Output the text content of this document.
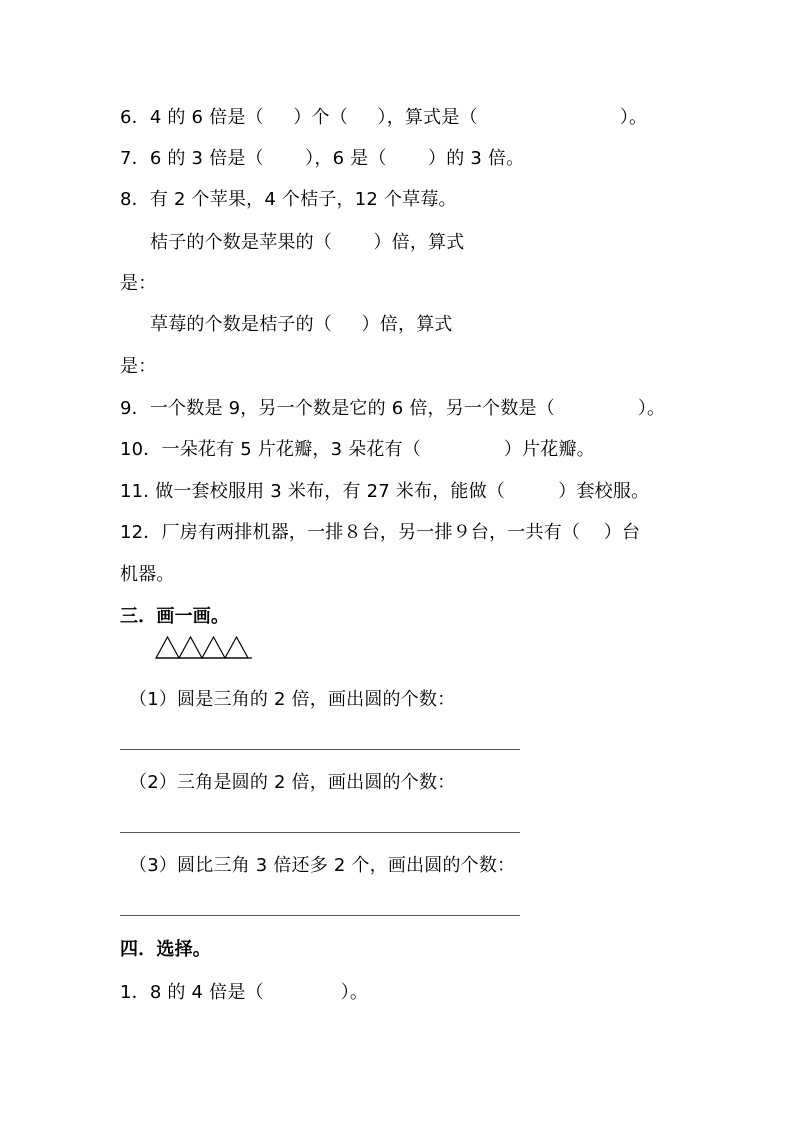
6．4 的 6 倍是（     ）个（     ），算式是（                        ）。
7．6 的 3 倍是（       ），6 是（       ）的 3 倍。
8．有 2 个苹果，4 个桔子，12 个草莓。
桔子的个数是苹果的（       ）倍，算式
是：
草莓的个数是桔子的（     ）倍，算式
是：
9．一个数是 9，另一个数是它的 6 倍，另一个数是（              ）。
10．一朵花有 5 片花瓣，3 朵花有（              ）片花瓣。
11. 做一套校服用 3 米布，有 27 米布，能做（         ）套校服。
12．厂房有两排机器，一排８台，另一排９台，一共有（    ）台
机器。
三．画一画。
（1）圆是三角的 2 倍，画出圆的个数：
（2）三角是圆的 2 倍，画出圆的个数：
（3）圆比三角 3 倍还多 2 个，画出圆的个数：
四．选择。
1．8 的 4 倍是（             ）。
